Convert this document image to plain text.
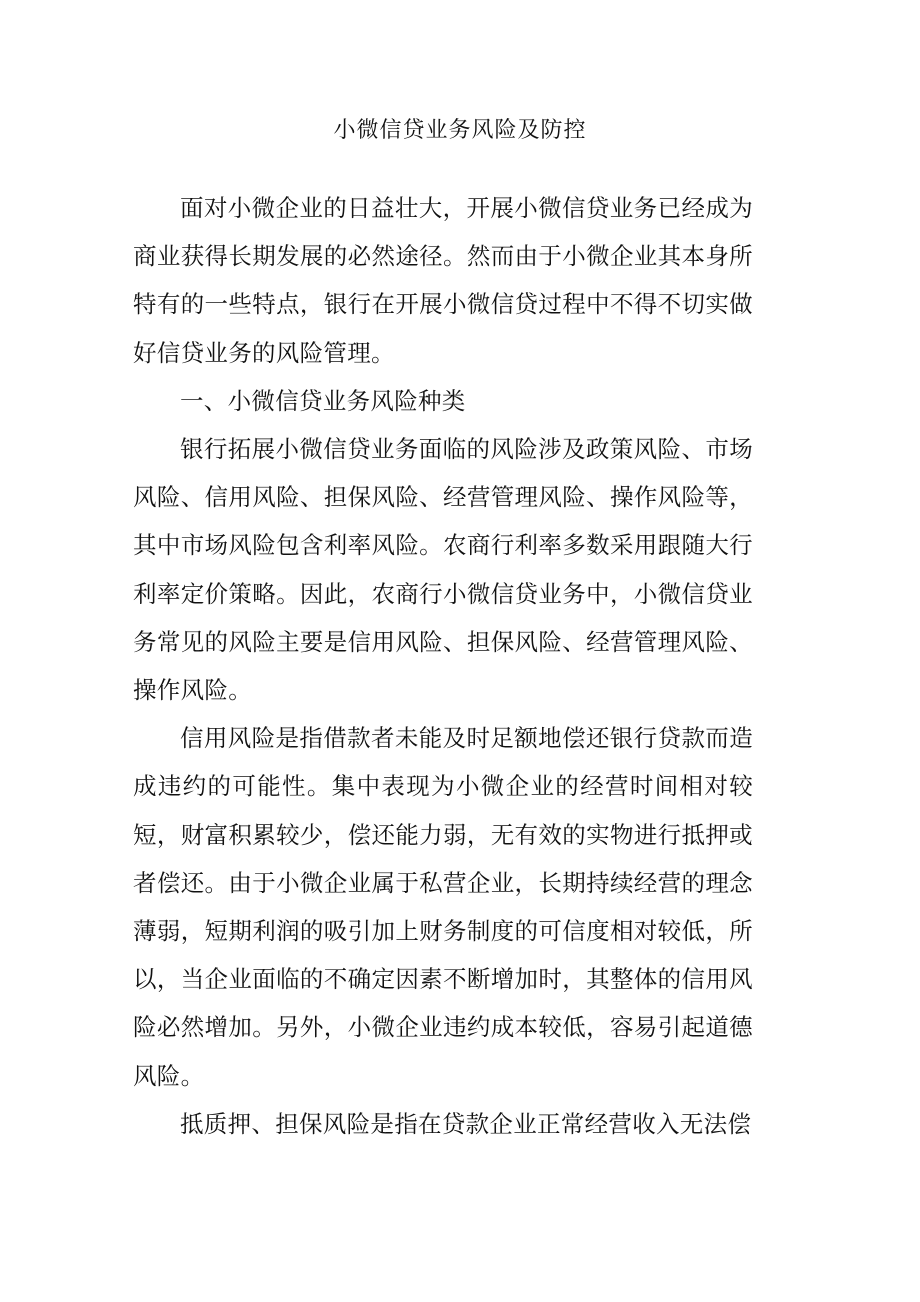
小微信贷业务风险及防控

面对小微企业的日益壮大，开展小微信贷业务已经成为商业获得长期发展的必然途径。然而由于小微企业其本身所特有的一些特点，银行在开展小微信贷过程中不得不切实做好信贷业务的风险管理。

一、小微信贷业务风险种类

银行拓展小微信贷业务面临的风险涉及政策风险、市场风险、信用风险、担保风险、经营管理风险、操作风险等，其中市场风险包含利率风险。农商行利率多数采用跟随大行利率定价策略。因此，农商行小微信贷业务中，小微信贷业务常见的风险主要是信用风险、担保风险、经营管理风险、操作风险。

信用风险是指借款者未能及时足额地偿还银行贷款而造成违约的可能性。集中表现为小微企业的经营时间相对较短，财富积累较少，偿还能力弱，无有效的实物进行抵押或者偿还。由于小微企业属于私营企业，长期持续经营的理念薄弱，短期利润的吸引加上财务制度的可信度相对较低，所以，当企业面临的不确定因素不断增加时，其整体的信用风险必然增加。另外，小微企业违约成本较低，容易引起道德风险。

抵质押、担保风险是指在贷款企业正常经营收入无法偿
